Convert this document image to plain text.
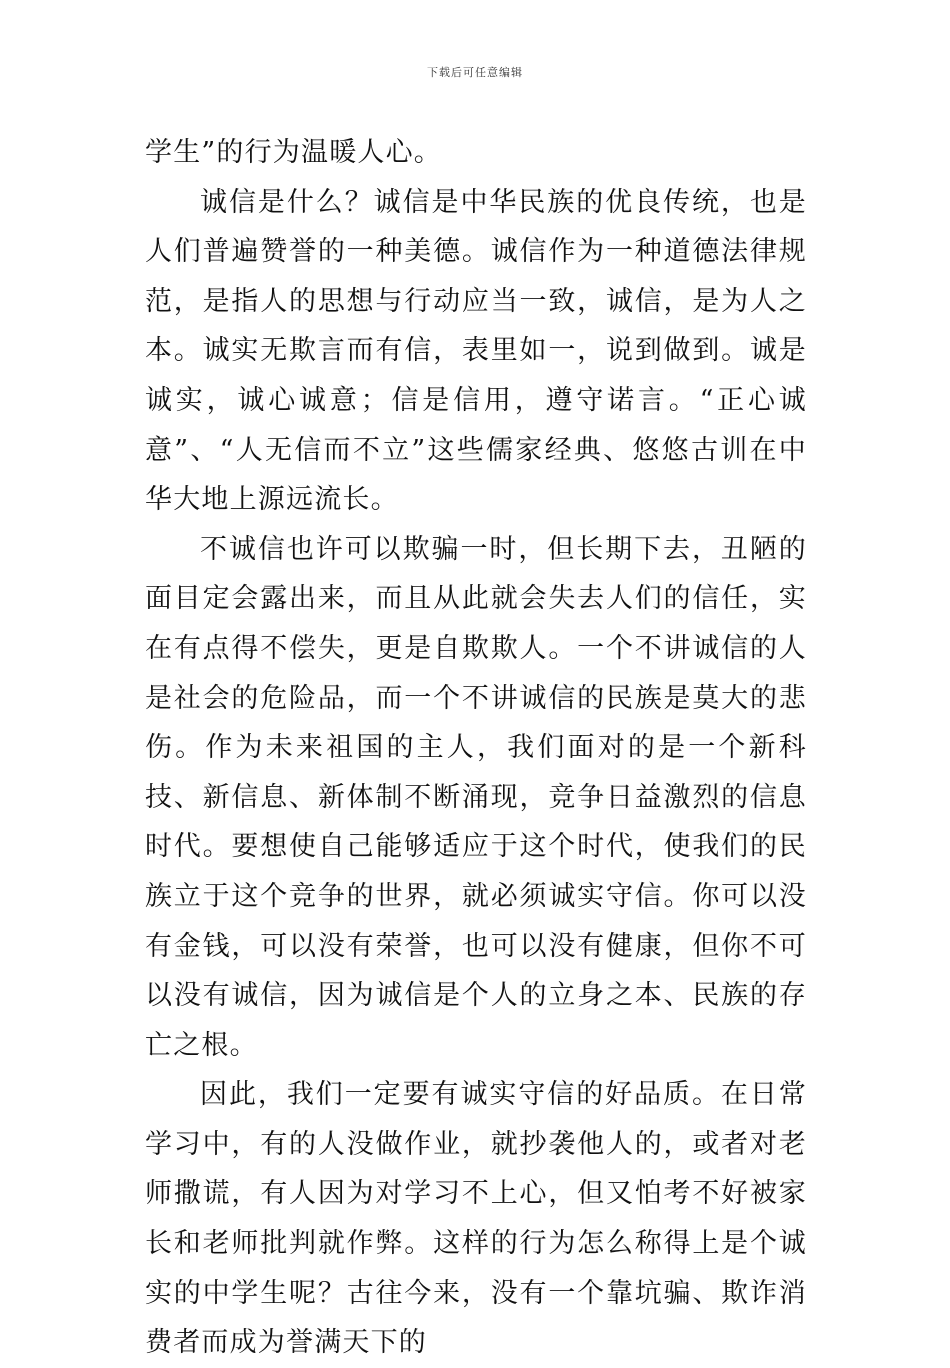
下载后可任意编辑

学生”的行为温暖人心。

诚信是什么？诚信是中华民族的优良传统，也是人们普遍赞誉的一种美德。诚信作为一种道德法律规范，是指人的思想与行动应当一致，诚信，是为人之本。诚实无欺言而有信，表里如一，说到做到。诚是诚实，诚心诚意；信是信用，遵守诺言。“正心诚意”、“人无信而不立”这些儒家经典、悠悠古训在中华大地上源远流长。

不诚信也许可以欺骗一时，但长期下去，丑陋的面目定会露出来，而且从此就会失去人们的信任，实在有点得不偿失，更是自欺欺人。一个不讲诚信的人是社会的危险品，而一个不讲诚信的民族是莫大的悲伤。作为未来祖国的主人，我们面对的是一个新科技、新信息、新体制不断涌现，竞争日益激烈的信息时代。要想使自己能够适应于这个时代，使我们的民族立于这个竞争的世界，就必须诚实守信。你可以没有金钱，可以没有荣誉，也可以没有健康，但你不可以没有诚信，因为诚信是个人的立身之本、民族的存亡之根。

因此，我们一定要有诚实守信的好品质。在日常学习中，有的人没做作业，就抄袭他人的，或者对老师撒谎，有人因为对学习不上心，但又怕考不好被家长和老师批判就作弊。这样的行为怎么称得上是个诚实的中学生呢？古往今来，没有一个靠坑骗、欺诈消费者而成为誉满天下的
